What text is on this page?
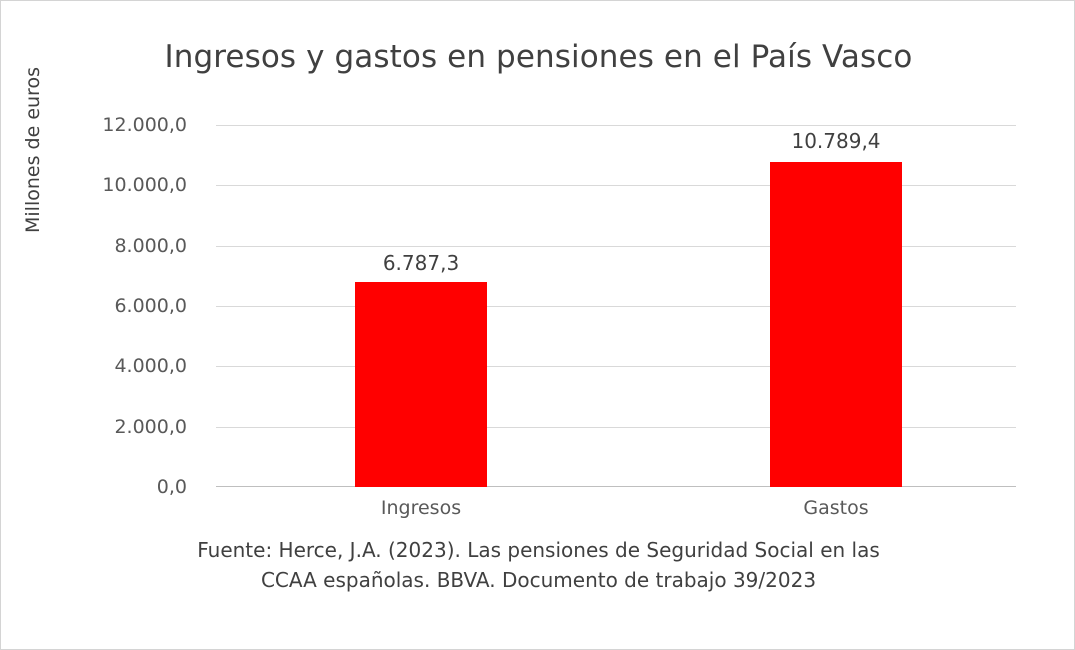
Ingresos y gastos en pensiones en el País Vasco
Millones de euros
0,0
2.000,0
4.000,0
6.000,0
8.000,0
10.000,0
12.000,0
6.787,3
10.789,4
Ingresos	Gastos
Fuente: Herce, J.A. (2023). Las pensiones de Seguridad Social en las
CCAA españolas. BBVA. Documento de trabajo 39/2023
